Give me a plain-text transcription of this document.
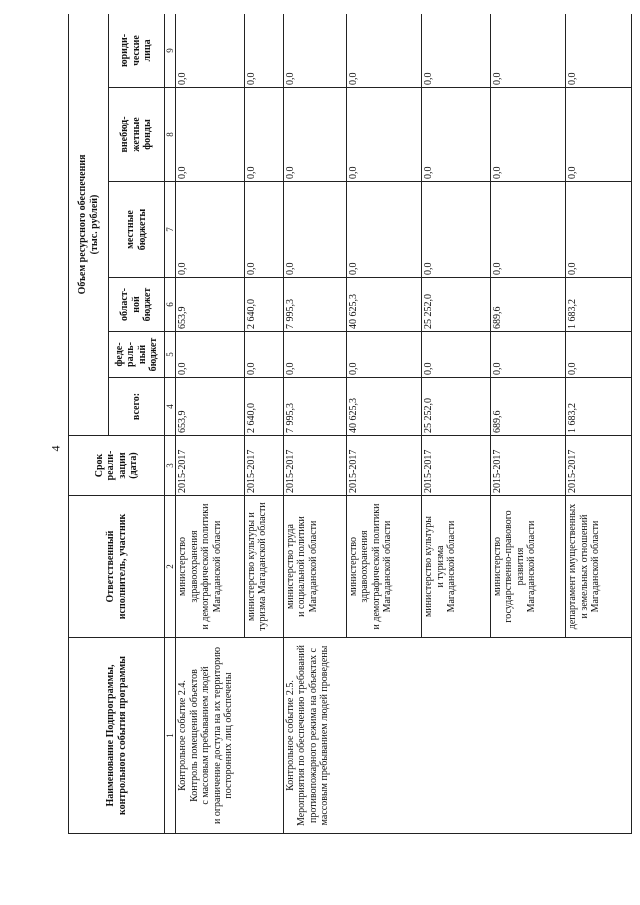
4
Наименование Подпрограммы,
контрольного события программы	Ответственный
исполнитель, участник	Срок
реали-
зации
(дата)	Объем ресурсного обеспечения
(тыс. рублей)					
			всего:	феде-
раль-
ный
бюджет	област-
ной
бюджет	местные
бюджеты	внебюд-
жетные
фонды	юриди-
ческие
лица
1	2	3	4	5	6	7	8	9
Контрольное событие 2.4.
Контроль помещений объектов
с массовым пребыванием людей
и ограничение доступа на их территорию
посторонних лиц обеспечены	министерство
здравоохранения
и демографической политики
Магаданской области	2015-2017	653,9	0,0	653,9	0,0	0,0	0,0
	министерство культуры и
туризма Магаданской области	2015-2017	2 640,0	0,0	2 640,0	0,0	0,0	0,0
Контрольное событие 2.5.
Мероприятия по обеспечению требований
противопожарного режима на объектах с
массовым пребыванием людей проведены	министерство труда
и социальной политики
Магаданской области	2015-2017	7 995,3	0,0	7 995,3	0,0	0,0	0,0
	министерство
здравоохранения
и демографической политики
Магаданской области	2015-2017	40 625,3	0,0	40 625,3	0,0	0,0	0,0
	министерство культуры
и туризма
Магаданской области	2015-2017	25 252,0	0,0	25 252,0	0,0	0,0	0,0
	министерство
государственно-правового
развития
Магаданской области	2015-2017	689,6	0,0	689,6	0,0	0,0	0,0
	департамент имущественных
и земельных отношений
Магаданской области	2015-2017	1 683,2	0,0	1 683,2	0,0	0,0	0,0
